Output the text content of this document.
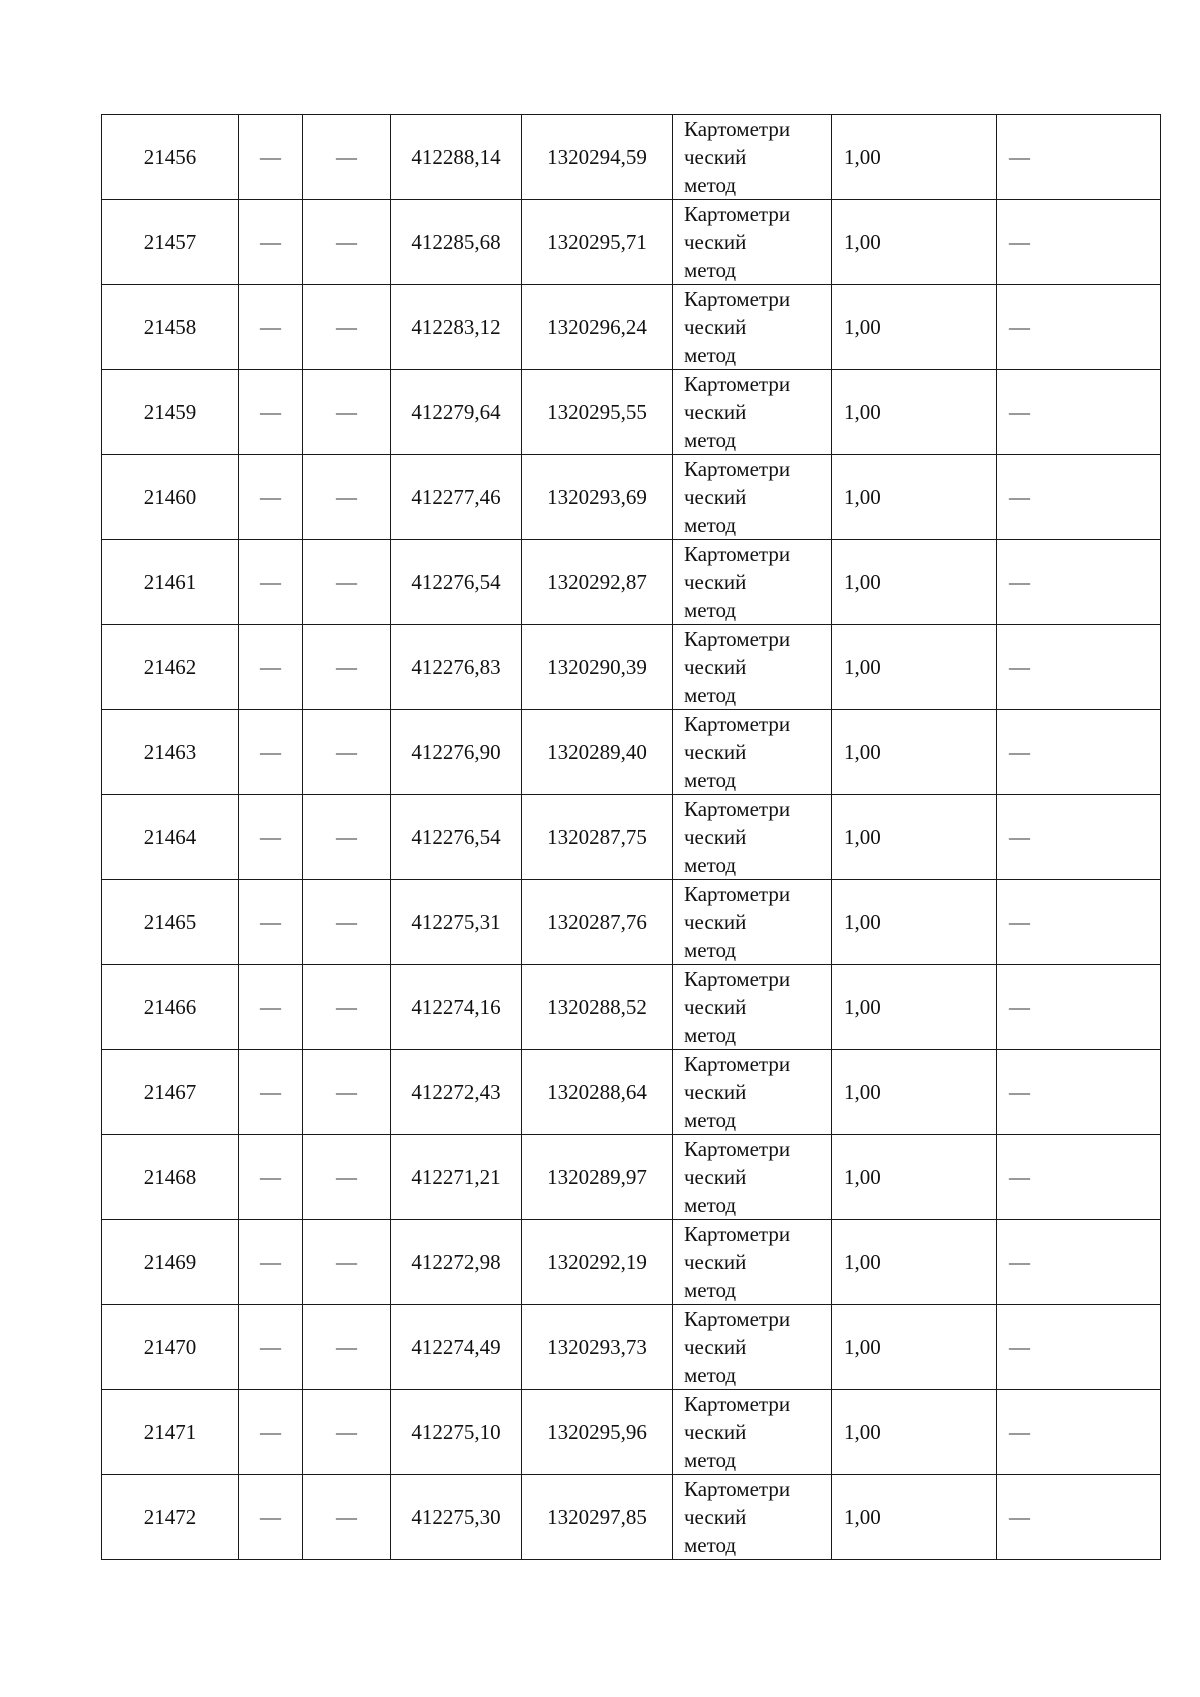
21456	—	—	412288,14	1320294,59	Картометри
ческий
метод	1,00	—
21457	—	—	412285,68	1320295,71	Картометри
ческий
метод	1,00	—
21458	—	—	412283,12	1320296,24	Картометри
ческий
метод	1,00	—
21459	—	—	412279,64	1320295,55	Картометри
ческий
метод	1,00	—
21460	—	—	412277,46	1320293,69	Картометри
ческий
метод	1,00	—
21461	—	—	412276,54	1320292,87	Картометри
ческий
метод	1,00	—
21462	—	—	412276,83	1320290,39	Картометри
ческий
метод	1,00	—
21463	—	—	412276,90	1320289,40	Картометри
ческий
метод	1,00	—
21464	—	—	412276,54	1320287,75	Картометри
ческий
метод	1,00	—
21465	—	—	412275,31	1320287,76	Картометри
ческий
метод	1,00	—
21466	—	—	412274,16	1320288,52	Картометри
ческий
метод	1,00	—
21467	—	—	412272,43	1320288,64	Картометри
ческий
метод	1,00	—
21468	—	—	412271,21	1320289,97	Картометри
ческий
метод	1,00	—
21469	—	—	412272,98	1320292,19	Картометри
ческий
метод	1,00	—
21470	—	—	412274,49	1320293,73	Картометри
ческий
метод	1,00	—
21471	—	—	412275,10	1320295,96	Картометри
ческий
метод	1,00	—
21472	—	—	412275,30	1320297,85	Картометри
ческий
метод	1,00	—
